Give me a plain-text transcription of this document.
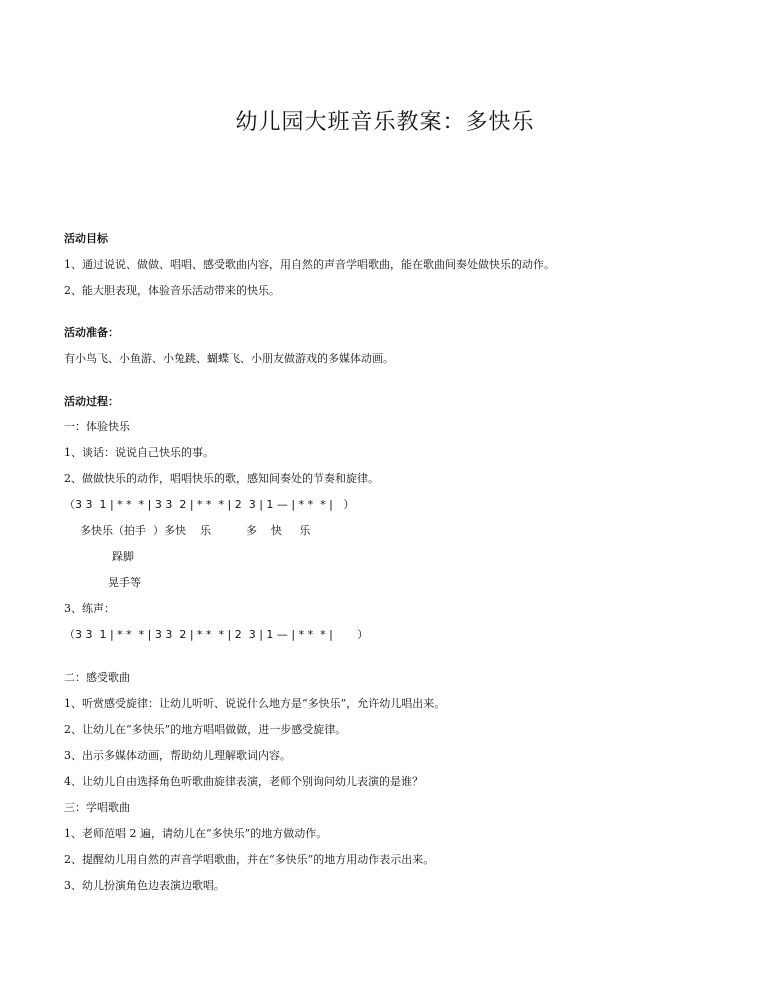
幼儿园大班音乐教案：多快乐
活动目标
1、通过说说、做做、唱唱、感受歌曲内容，用自然的声音学唱歌曲，能在歌曲间奏处做快乐的动作。
2、能大胆表现，体验音乐活动带来的快乐。
活动准备：
有小鸟飞、小鱼游、小兔跳、蝴蝶飞、小朋友做游戏的多媒体动画。
活动过程：
一：体验快乐
1、谈话：说说自己快乐的事。
2、做做快乐的动作，唱唱快乐的歌，感知间奏处的节奏和旋律。
（3 3  1 | * *  * | 3 3  2 | * *  * | 2  3 | 1 — | * *  * |   ）
多快乐（拍手  ）多快    乐          多    快     乐
跺脚
晃手等
3、练声：
（3 3  1 | * *  * | 3 3  2 | * *  * | 2  3 | 1 — | * *  * |       ）
二：感受歌曲
1、听赏感受旋律：让幼儿听听、说说什么地方是“多快乐”，允许幼儿唱出来。
2、让幼儿在“多快乐”的地方唱唱做做，进一步感受旋律。
3、出示多媒体动画，帮助幼儿理解歌词内容。
4、让幼儿自由选择角色听歌曲旋律表演，老师个别询问幼儿表演的是谁？
三：学唱歌曲
1、老师范唱 2 遍，请幼儿在“多快乐”的地方做动作。
2、提醒幼儿用自然的声音学唱歌曲，并在“多快乐”的地方用动作表示出来。
3、幼儿扮演角色边表演边歌唱。
